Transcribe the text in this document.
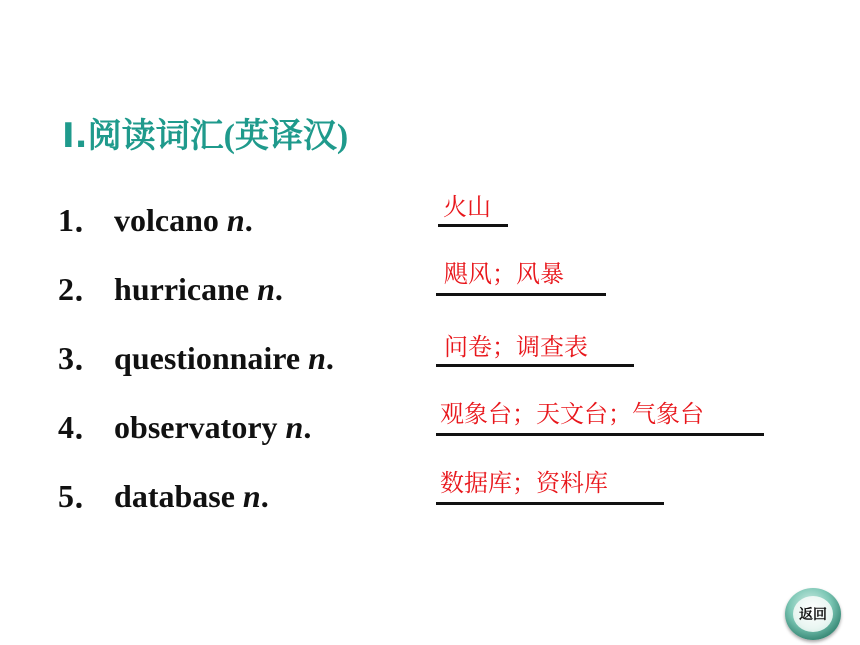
Ⅰ.阅读词汇(英译汉)
1． volcano n.	火山
2． hurricane n.	飓风；风暴
3． questionnaire n.	问卷；调查表
4． observatory n.	观象台；天文台；气象台
5． database n.	数据库；资料库
返回
